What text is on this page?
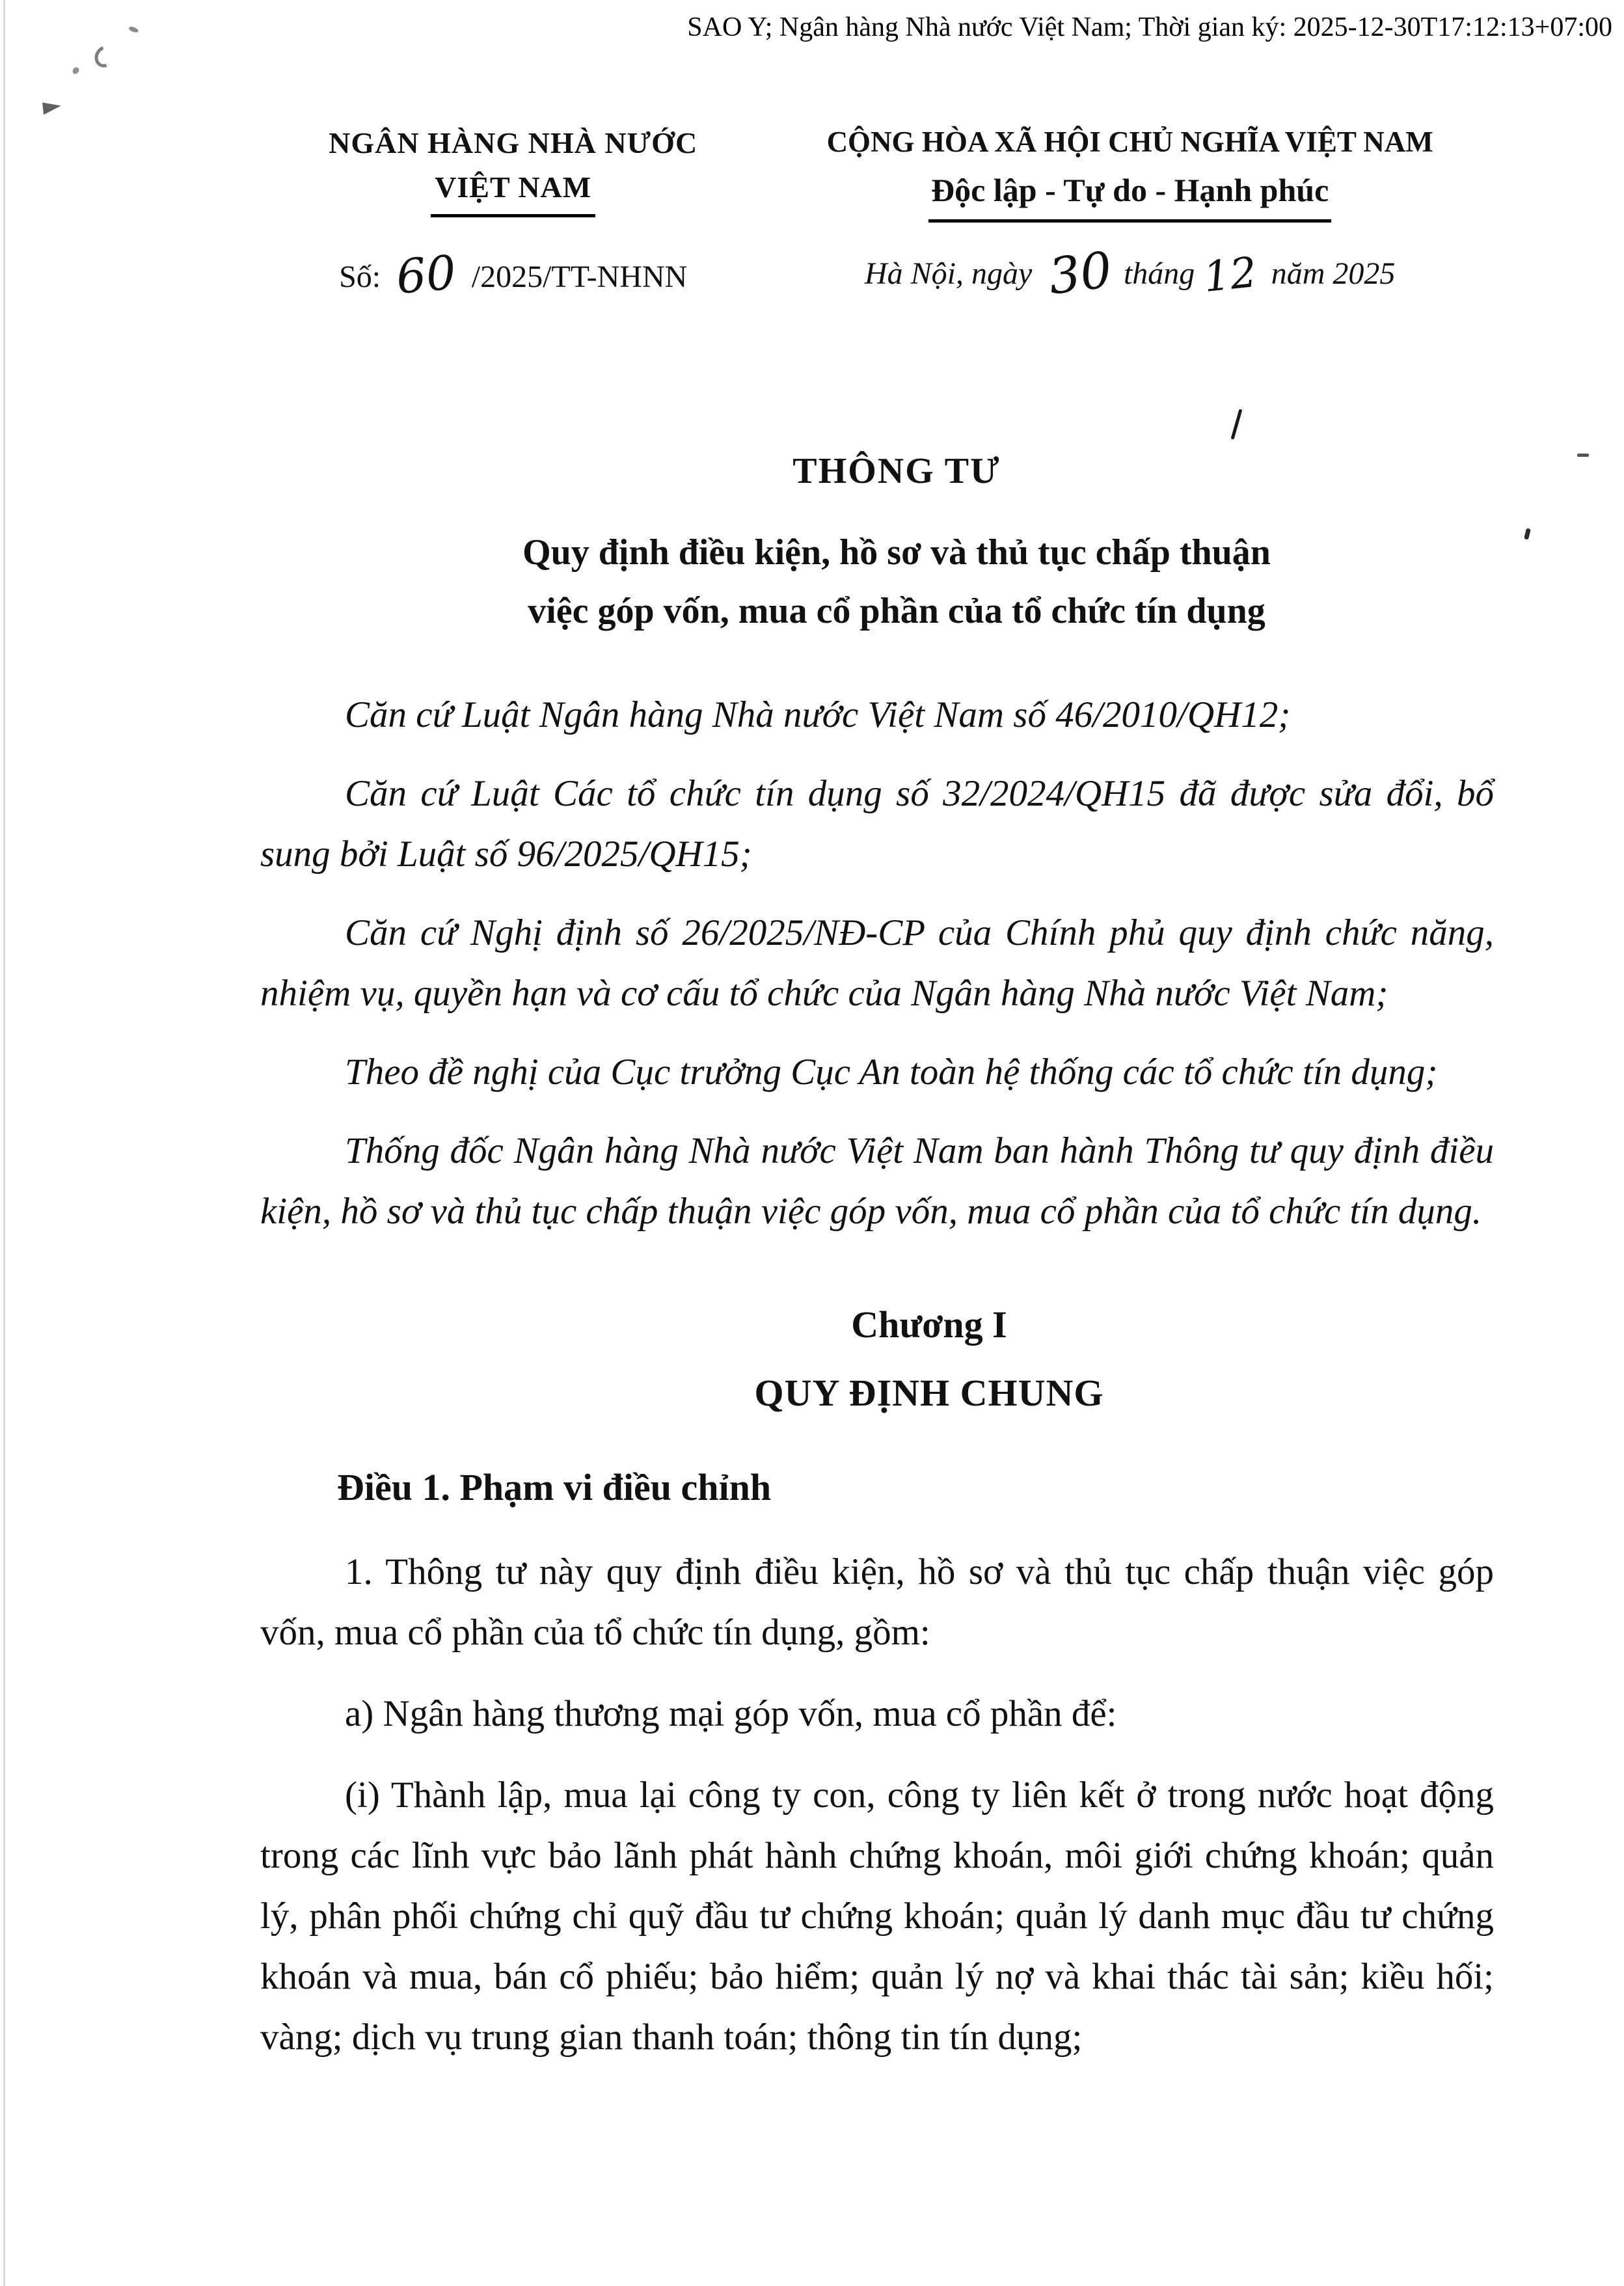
SAO Y; Ngân hàng Nhà nước Việt Nam; Thời gian ký: 2025-12-30T17:12:13+07:00
NGÂN HÀNG NHÀ NƯỚC
VIỆT NAM
Số: 60 /2025/TT-NHNN
CỘNG HÒA XÃ HỘI CHỦ NGHĨA VIỆT NAM
Độc lập - Tự do - Hạnh phúc
Hà Nội, ngày 30 tháng 12 năm 2025
THÔNG TƯ
Quy định điều kiện, hồ sơ và thủ tục chấp thuận
việc góp vốn, mua cổ phần của tổ chức tín dụng

Căn cứ Luật Ngân hàng Nhà nước Việt Nam số 46/2010/QH12;

Căn cứ Luật Các tổ chức tín dụng số 32/2024/QH15 đã được sửa đổi, bổ sung bởi Luật số 96/2025/QH15;

Căn cứ Nghị định số 26/2025/NĐ-CP của Chính phủ quy định chức năng, nhiệm vụ, quyền hạn và cơ cấu tổ chức của Ngân hàng Nhà nước Việt Nam;

Theo đề nghị của Cục trưởng Cục An toàn hệ thống các tổ chức tín dụng;

Thống đốc Ngân hàng Nhà nước Việt Nam ban hành Thông tư quy định điều kiện, hồ sơ và thủ tục chấp thuận việc góp vốn, mua cổ phần của tổ chức tín dụng.

Chương I
QUY ĐỊNH CHUNG

Điều 1. Phạm vi điều chỉnh

1. Thông tư này quy định điều kiện, hồ sơ và thủ tục chấp thuận việc góp vốn, mua cổ phần của tổ chức tín dụng, gồm:

a) Ngân hàng thương mại góp vốn, mua cổ phần để:

(i) Thành lập, mua lại công ty con, công ty liên kết ở trong nước hoạt động trong các lĩnh vực bảo lãnh phát hành chứng khoán, môi giới chứng khoán; quản lý, phân phối chứng chỉ quỹ đầu tư chứng khoán; quản lý danh mục đầu tư chứng khoán và mua, bán cổ phiếu; bảo hiểm; quản lý nợ và khai thác tài sản; kiều hối; vàng; dịch vụ trung gian thanh toán; thông tin tín dụng;
